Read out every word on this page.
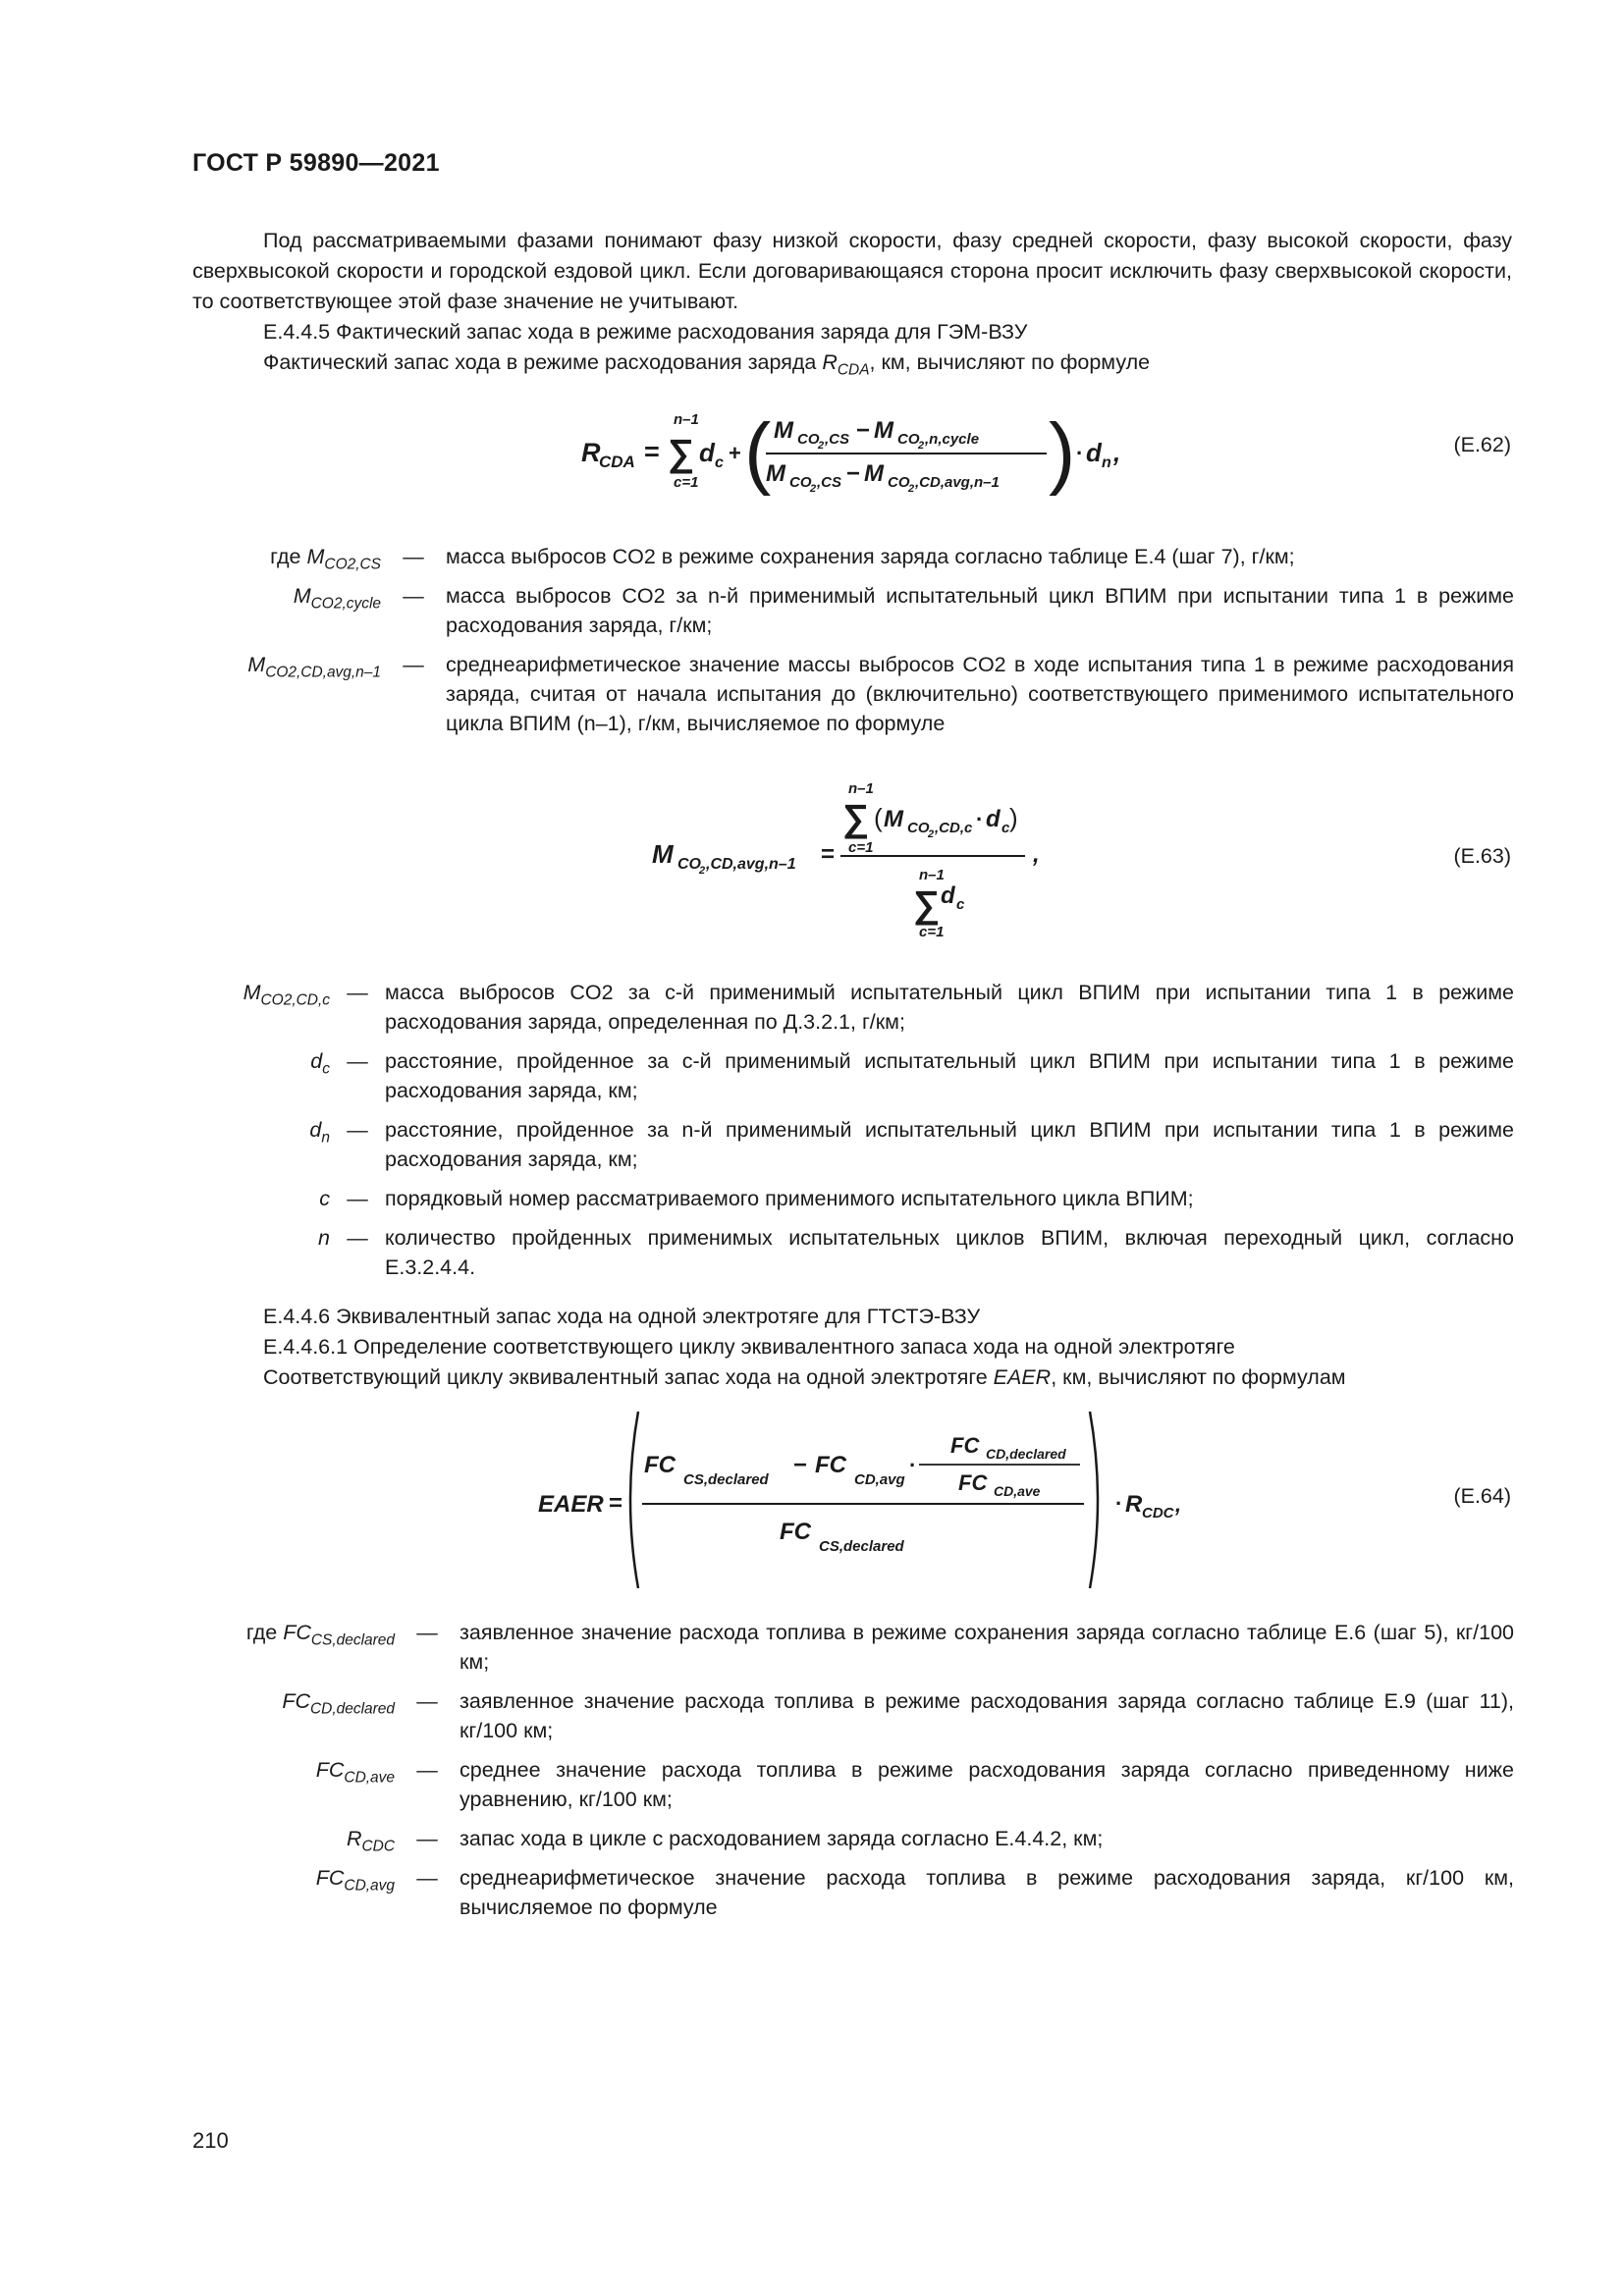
ГОСТ Р 59890—2021
Под рассматриваемыми фазами понимают фазу низкой скорости, фазу средней скорости, фазу высокой скорости, фазу сверхвысокой скорости и городской ездовой цикл. Если договаривающаяся сторона просит исключить фазу сверхвысокой скорости, то соответствующее этой фазе значение не учитывают.
Е.4.4.5 Фактический запас хода в режиме расходования заряда для ГЭМ-ВЗУ
Фактический запас хода в режиме расходования заряда $R_{CDA}$, км, вычисляют по формуле
R
CDA =
n–1
∑
c=1
d c + ( M CO
2 ,CS − M CO
2 ,n,cycle
M CO
2 ,CS − M CO
2 ,CD,avg,n–1 ) · d n ,	(Е.62)
где $M_{CO2,CS}$	—	масса выбросов CO2 в режиме сохранения заряда согласно таблице Е.4 (шаг 7), г/км;
$M_{CO2,cycle}$	—	масса выбросов CO2 за n-й применимый испытательный цикл ВПИМ при испытании типа 1 в режиме расходования заряда, г/км;
$M_{CO2,CD,avg,n-1}$	—	среднеарифметическое значение массы выбросов CO2 в ходе испытания типа 1 в режиме расходования заряда, считая от начала испытания до (включительно) соответствующего применимого испытательного цикла ВПИМ (n–1), г/км, вычисляемое по формуле
M CO
2 ,CD,avg,n–1 =
n–1
∑
c=1
( M CO
2 ,CD,c · d c )
,
n–1
∑
c=1
d c
(Е.63)
$M_{CO2,CD,c}$ — масса выбросов CO2 за c-й применимый испытательный цикл ВПИМ при испытании типа 1 в режиме расходования заряда, определенная по Д.3.2.1, г/км;
$d_c$ — расстояние, пройденное за c-й применимый испытательный цикл ВПИМ при испытании типа 1 в режиме расходования заряда, км;
$d_n$ — расстояние, пройденное за n-й применимый испытательный цикл ВПИМ при испытании типа 1 в режиме расходования заряда, км;
c — порядковый номер рассматриваемого применимого испытательного цикла ВПИМ;
n — количество пройденных применимых испытательных циклов ВПИМ, включая переходный цикл, согласно Е.3.2.4.4.
Е.4.4.6 Эквивалентный запас хода на одной электротяге для ГТСТЭ-ВЗУ
Е.4.4.6.1 Определение соответствующего циклу эквивалентного запаса хода на одной электротяге
Соответствующий циклу эквивалентный запас хода на одной электротяге EAER, км, вычисляют по формулам
EAER =
FC
CS,declared
− FC
CD,avg
·
FC CD,declared
FC CD,ave
FC
CS,declared
· R CDC ,	(Е.64)
где $FC_{CS,declared}$	—	заявленное значение расхода топлива в режиме сохранения заряда согласно таблице Е.6 (шаг 5), кг/100 км;
$FC_{CD,declared}$	—	заявленное значение расхода топлива в режиме расходования заряда согласно таблице Е.9 (шаг 11), кг/100 км;
$FC_{CD,ave}$	—	среднее значение расхода топлива в режиме расходования заряда согласно приведенному ниже уравнению, кг/100 км;
$R_{CDC}$	—	запас хода в цикле с расходованием заряда согласно Е.4.4.2, км;
$FC_{CD,avg}$	—	среднеарифметическое значение расхода топлива в режиме расходования заряда, кг/100 км, вычисляемое по формуле
210
